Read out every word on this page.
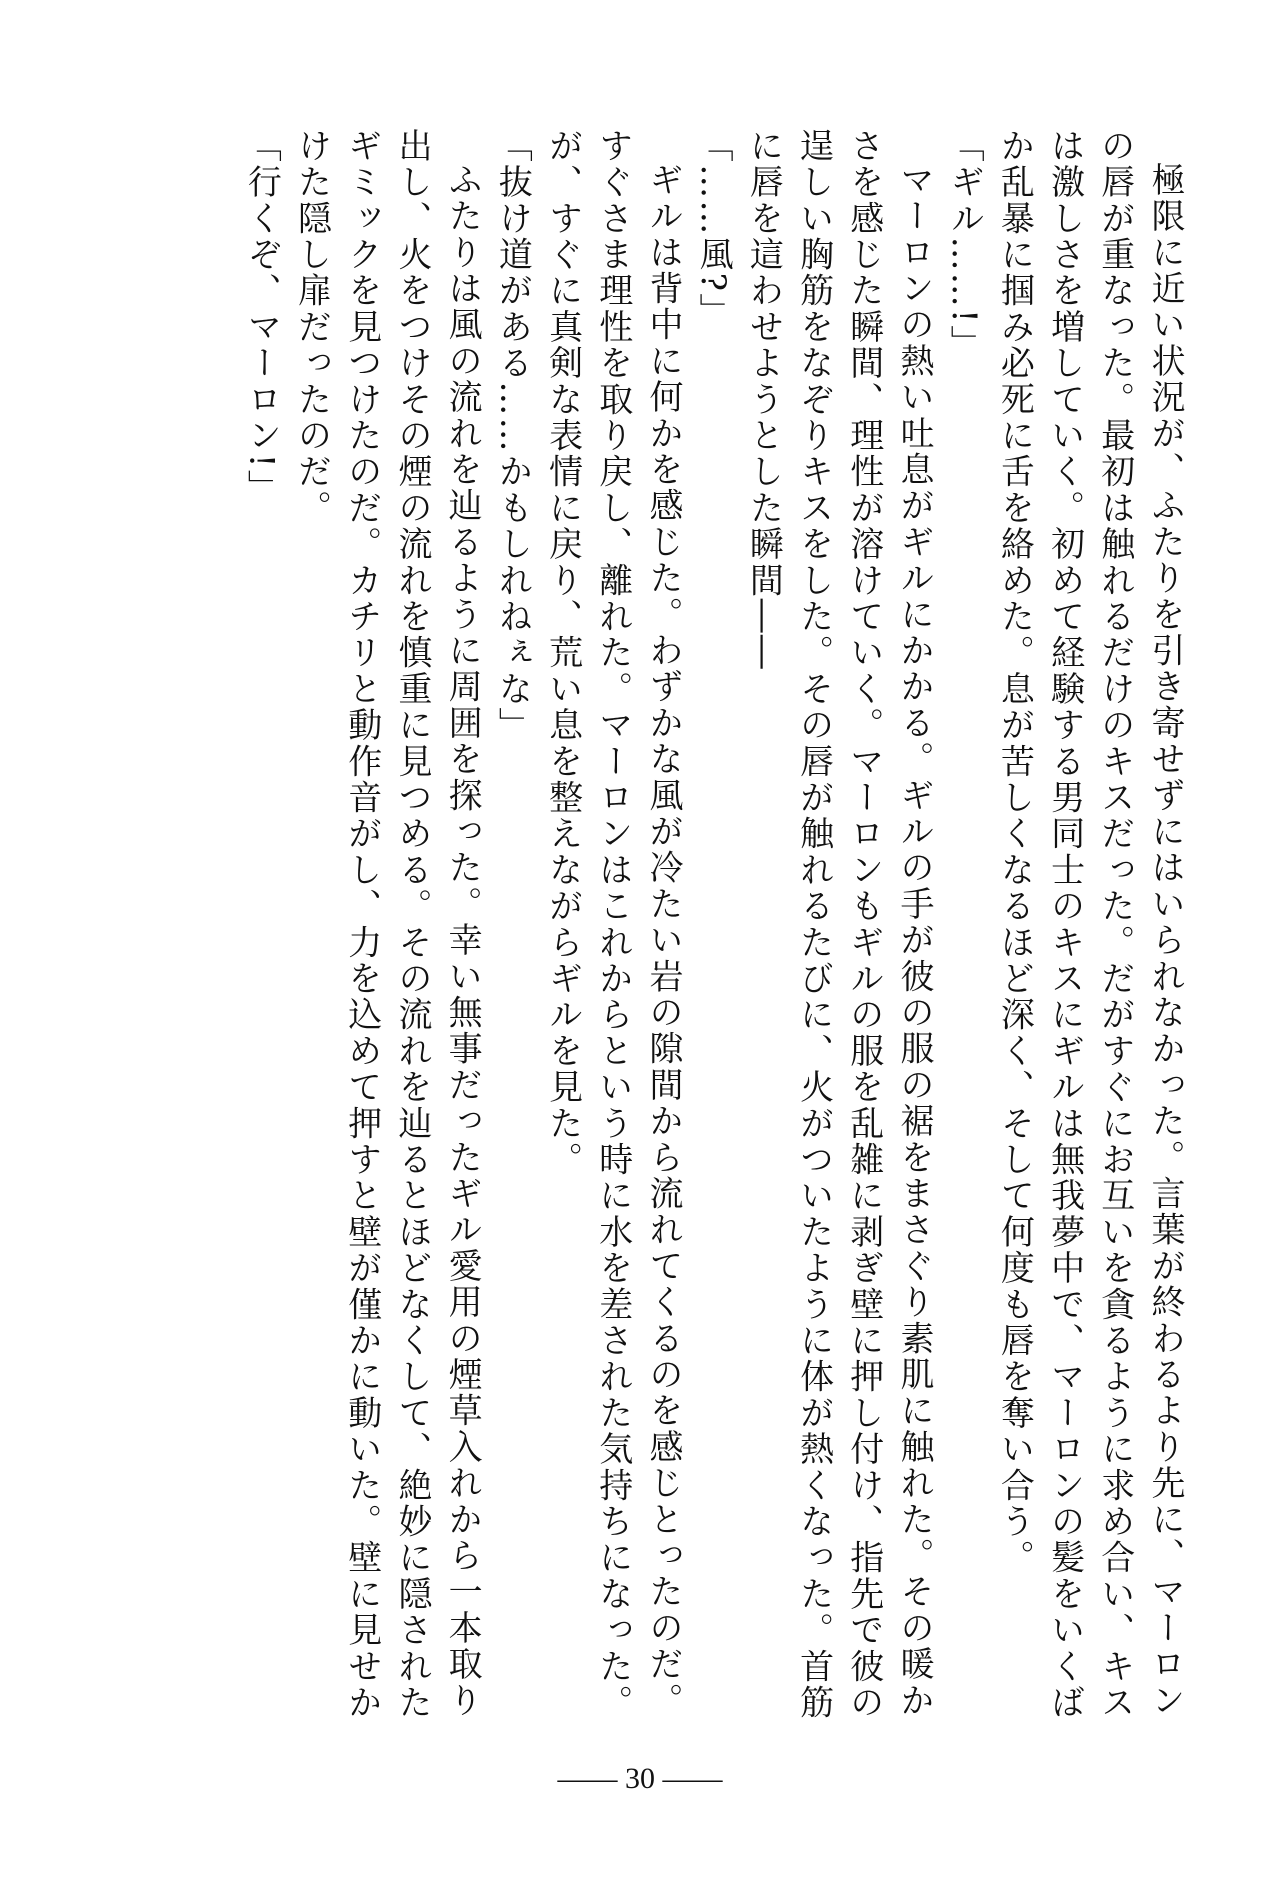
極限に近い状況が、ふたりを引き寄せずにはいられなかった。言葉が終わるより先に、マーロンの唇が重なった。最初は触れるだけのキスだった。だがすぐにお互いを貪るように求め合い、キスは激しさを増していく。初めて経験する男同士のキスにギルは無我夢中で、マーロンの髪をいくばか乱暴に掴み必死に舌を絡めた。息が苦しくなるほど深く、そして何度も唇を奪い合う。

「ギル……!」

マーロンの熱い吐息がギルにかかる。ギルの手が彼の服の裾をまさぐり素肌に触れた。その暖かさを感じた瞬間、理性が溶けていく。マーロンもギルの服を乱雑に剥ぎ壁に押し付け、指先で彼の逞しい胸筋をなぞりキスをした。その唇が触れるたびに、火がついたように体が熱くなった。首筋に唇を這わせようとした瞬間――

「……風?」

ギルは背中に何かを感じた。わずかな風が冷たい岩の隙間から流れてくるのを感じとったのだ。すぐさま理性を取り戻し、離れた。マーロンはこれからという時に水を差された気持ちになった。が、すぐに真剣な表情に戻り、荒い息を整えながらギルを見た。

「抜け道がある……かもしれねぇな」

ふたりは風の流れを辿るように周囲を探った。幸い無事だったギル愛用の煙草入れから一本取り出し、火をつけその煙の流れを慎重に見つめる。その流れを辿るとほどなくして、絶妙に隠されたギミックを見つけたのだ。カチリと動作音がし、力を込めて押すと壁が僅かに動いた。壁に見せかけた隠し扉だったのだ。

「行くぞ、マーロン!」

―― 30 ――
